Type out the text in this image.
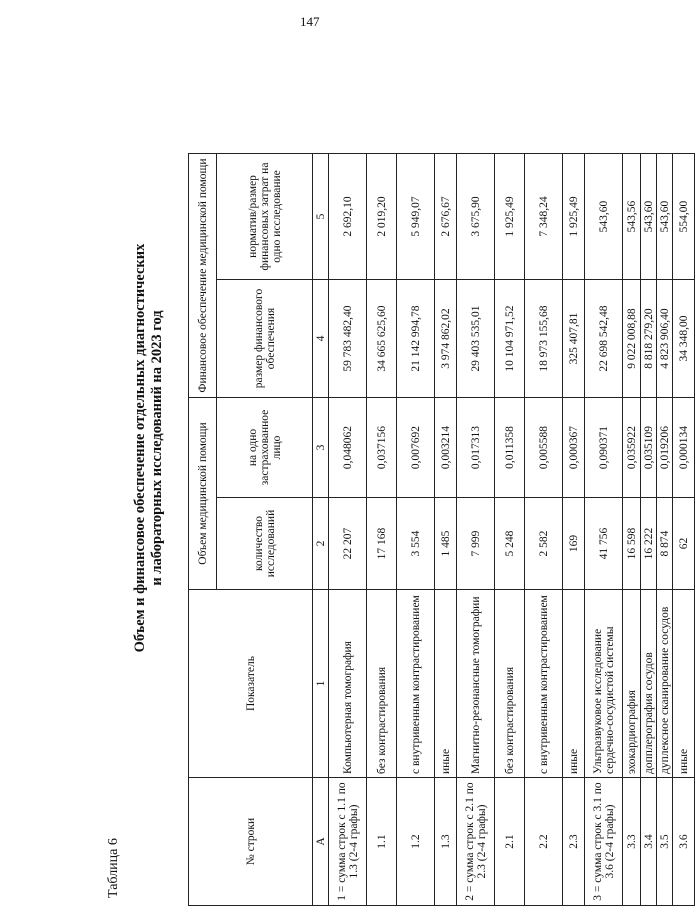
147
Таблица 6
Объем и финансовое обеспечение отдельных диагностических и лабораторных исследований на 2023 год
№ строки	Показатель	Объем медицинской помощи		Финансовое обеспечение медицинской помощи	
		количество исследований	на одно застрахованное лицо	размер финансового обеспечения	норматив/размер финансовых затрат на одно исследование
А	1	2	3	4	5
1 = сумма строк с 1.1 по 1.3 (2-4 графы)	Компьютерная томография	22 207	0,048062	59 783 482,40	2 692,10
1.1	без контрастирования	17 168	0,037156	34 665 625,60	2 019,20
1.2	с внутривенным контрастированием	3 554	0,007692	21 142 994,78	5 949,07
1.3	иные	1 485	0,003214	3 974 862,02	2 676,67
2 = сумма строк с 2.1 по 2.3 (2-4 графы)	Магнитно-резонансные томографии	7 999	0,017313	29 403 535,01	3 675,90
2.1	без контрастирования	5 248	0,011358	10 104 971,52	1 925,49
2.2	с внутривенным контрастированием	2 582	0,005588	18 973 155,68	7 348,24
2.3	иные	169	0,000367	325 407,81	1 925,49
3 = сумма строк с 3.1 по 3.6 (2-4 графы)	Ультразвуковое исследование сердечно-сосудистой системы	41 756	0,090371	22 698 542,48	543,60
3.3	эхокардиография	16 598	0,035922	9 022 008,88	543,56
3.4	допплерография сосудов	16 222	0,035109	8 818 279,20	543,60
3.5	дуплексное сканирование сосудов	8 874	0,019206	4 823 906,40	543,60
3.6	иные	62	0,000134	34 348,00	554,00
